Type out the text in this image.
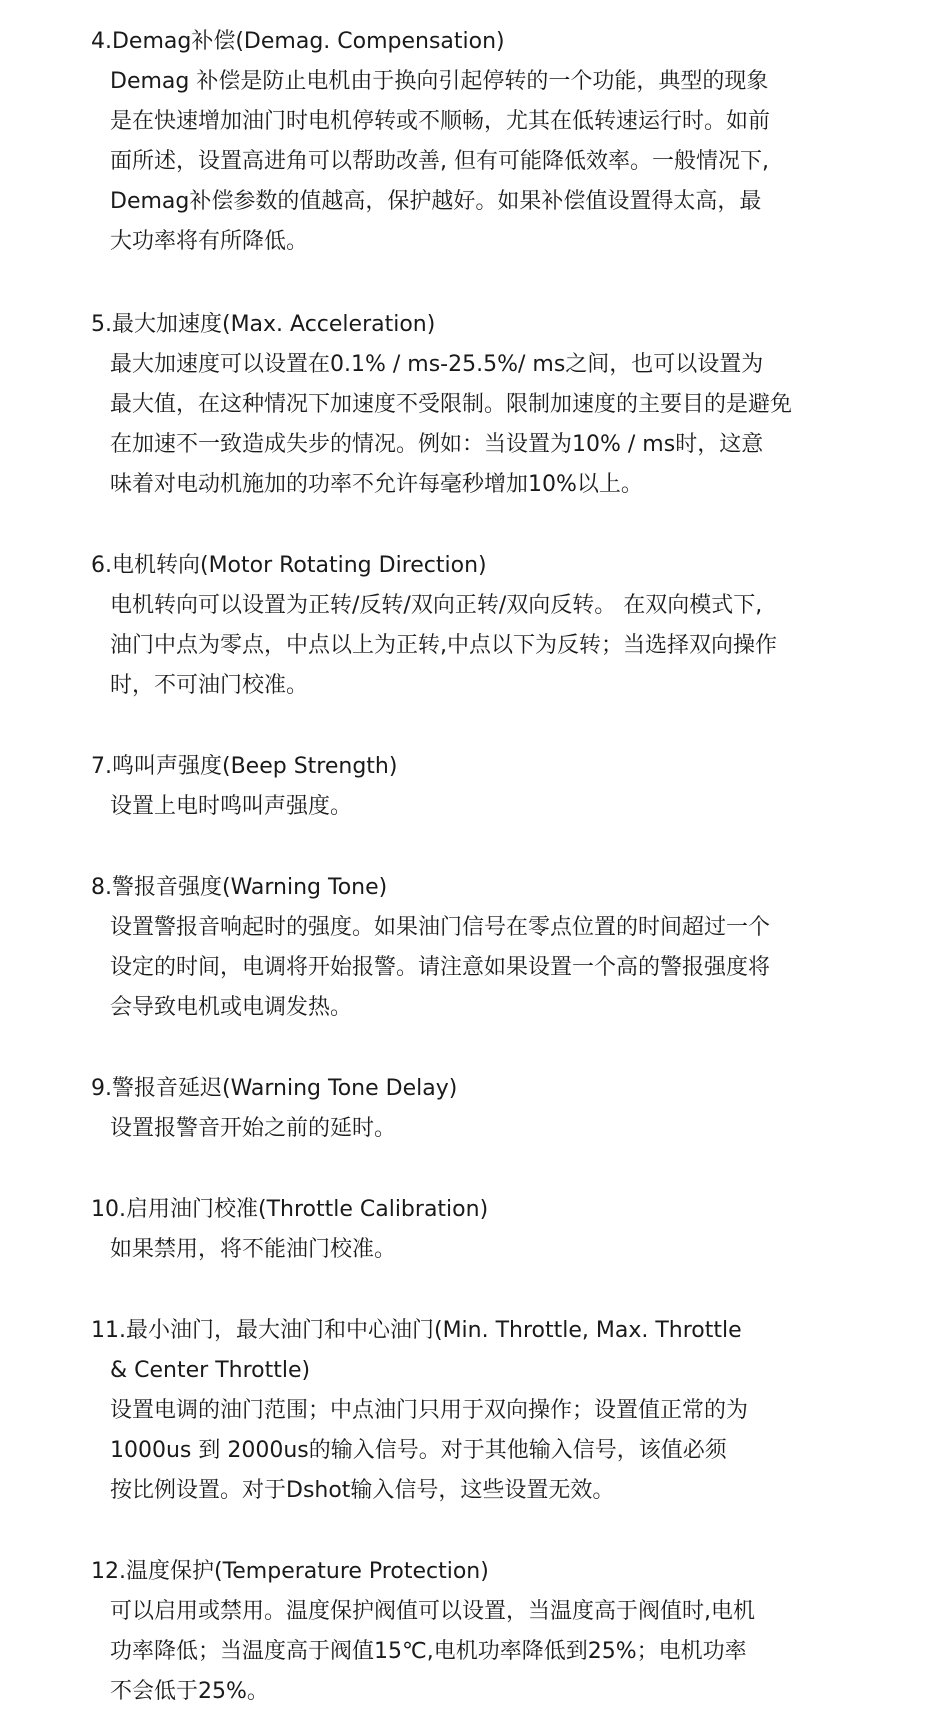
4.Demag补偿(Demag. Compensation)
Demag 补偿是防止电机由于换向引起停转的一个功能，典型的现象
是在快速增加油门时电机停转或不顺畅，尤其在低转速运行时。如前
面所述，设置高进角可以帮助改善, 但有可能降低效率。一般情况下,
Demag补偿参数的值越高，保护越好。如果补偿值设置得太高，最
大功率将有所降低。
5.最大加速度(Max. Acceleration)
最大加速度可以设置在0.1% / ms-25.5%/ ms之间，也可以设置为
最大值，在这种情况下加速度不受限制。限制加速度的主要目的是避免
在加速不一致造成失步的情况。例如：当设置为10% / ms时，这意
味着对电动机施加的功率不允许每毫秒增加10%以上。
6.电机转向(Motor Rotating Direction)
电机转向可以设置为正转/反转/双向正转/双向反转。 在双向模式下,
油门中点为零点，中点以上为正转,中点以下为反转；当选择双向操作
时，不可油门校准。
7.鸣叫声强度(Beep Strength)
设置上电时鸣叫声强度。
8.警报音强度(Warning Tone)
设置警报音响起时的强度。如果油门信号在零点位置的时间超过一个
设定的时间，电调将开始报警。请注意如果设置一个高的警报强度将
会导致电机或电调发热。
9.警报音延迟(Warning Tone Delay)
设置报警音开始之前的延时。
10.启用油门校准(Throttle Calibration)
如果禁用，将不能油门校准。
11.最小油门，最大油门和中心油门(Min. Throttle, Max. Throttle
& Center Throttle)
设置电调的油门范围；中点油门只用于双向操作；设置值正常的为
1000us 到 2000us的输入信号。对于其他输入信号，该值必须
按比例设置。对于Dshot输入信号，这些设置无效。
12.温度保护(Temperature Protection)
可以启用或禁用。温度保护阀值可以设置，当温度高于阀值时,电机
功率降低；当温度高于阀值15℃,电机功率降低到25%；电机功率
不会低于25%。
